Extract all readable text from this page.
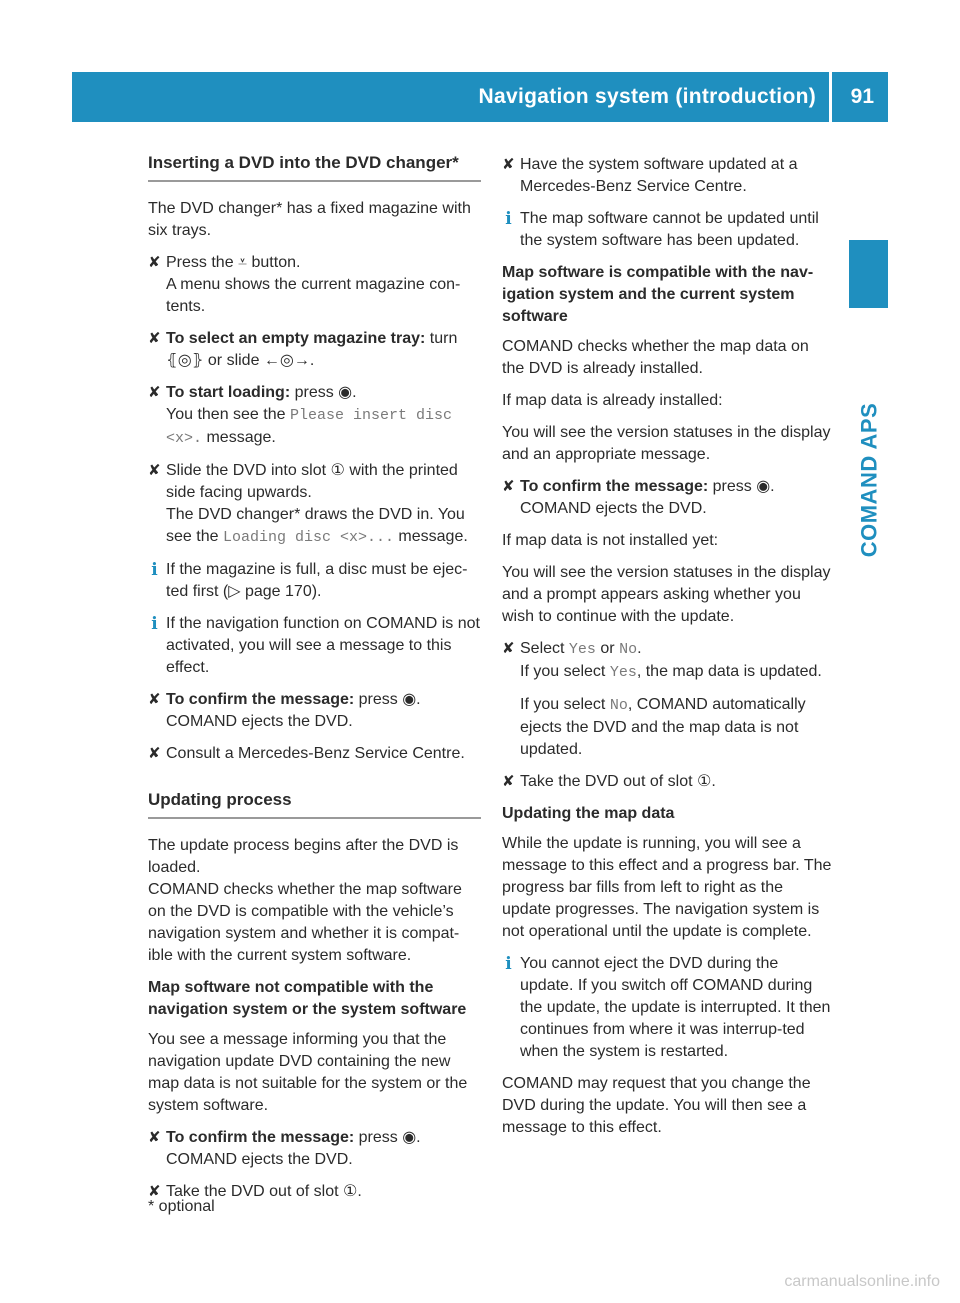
Navigation system (introduction) 91
COMAND APS
Inserting a DVD into the DVD changer*

The DVD changer* has a fixed magazine with six trays.

✘ Press the ⩡ button.
A menu shows the current magazine con-tents.
✘ To select an empty magazine tray: turn ⦃◎⦄ or slide ←◎→.
✘ To start loading: press ◉.
You then see the Please insert disc <x>. message.
✘ Slide the DVD into slot ① with the printed side facing upwards.
The DVD changer* draws the DVD in. You see the Loading disc <x>... message.
i If the magazine is full, a disc must be ejec-ted first (▷ page 170).
i If the navigation function on COMAND is not activated, you will see a message to this effect.
✘ To confirm the message: press ◉.
COMAND ejects the DVD.
✘ Consult a Mercedes-Benz Service Centre.
Updating process

The update process begins after the DVD is loaded.
COMAND checks whether the map software on the DVD is compatible with the vehicle’s navigation system and whether it is compat-ible with the current system software.

Map software not compatible with the navigation system or the system software

You see a message informing you that the navigation update DVD containing the new map data is not suitable for the system or the system software.

✘ To confirm the message: press ◉.
COMAND ejects the DVD.
✘ Take the DVD out of slot ①.
✘ Have the system software updated at a Mercedes-Benz Service Centre.
i The map software cannot be updated until the system software has been updated.
Map software is compatible with the nav-igation system and the current system software

COMAND checks whether the map data on the DVD is already installed.

If map data is already installed:

You will see the version statuses in the display and an appropriate message.

✘ To confirm the message: press ◉.
COMAND ejects the DVD.

If map data is not installed yet:

You will see the version statuses in the display and a prompt appears asking whether you wish to continue with the update.

✘ Select Yes or No.
If you select Yes, the map data is updated.
If you select No, COMAND automatically ejects the DVD and the map data is not updated.
✘ Take the DVD out of slot ①.
Updating the map data

While the update is running, you will see a message to this effect and a progress bar. The progress bar fills from left to right as the update progresses. The navigation system is not operational until the update is complete.

i You cannot eject the DVD during the update. If you switch off COMAND during the update, the update is interrupted. It then continues from where it was interrup-ted when the system is restarted.

COMAND may request that you change the DVD during the update. You will then see a message to this effect.

* optional
carmanualsonline.info
